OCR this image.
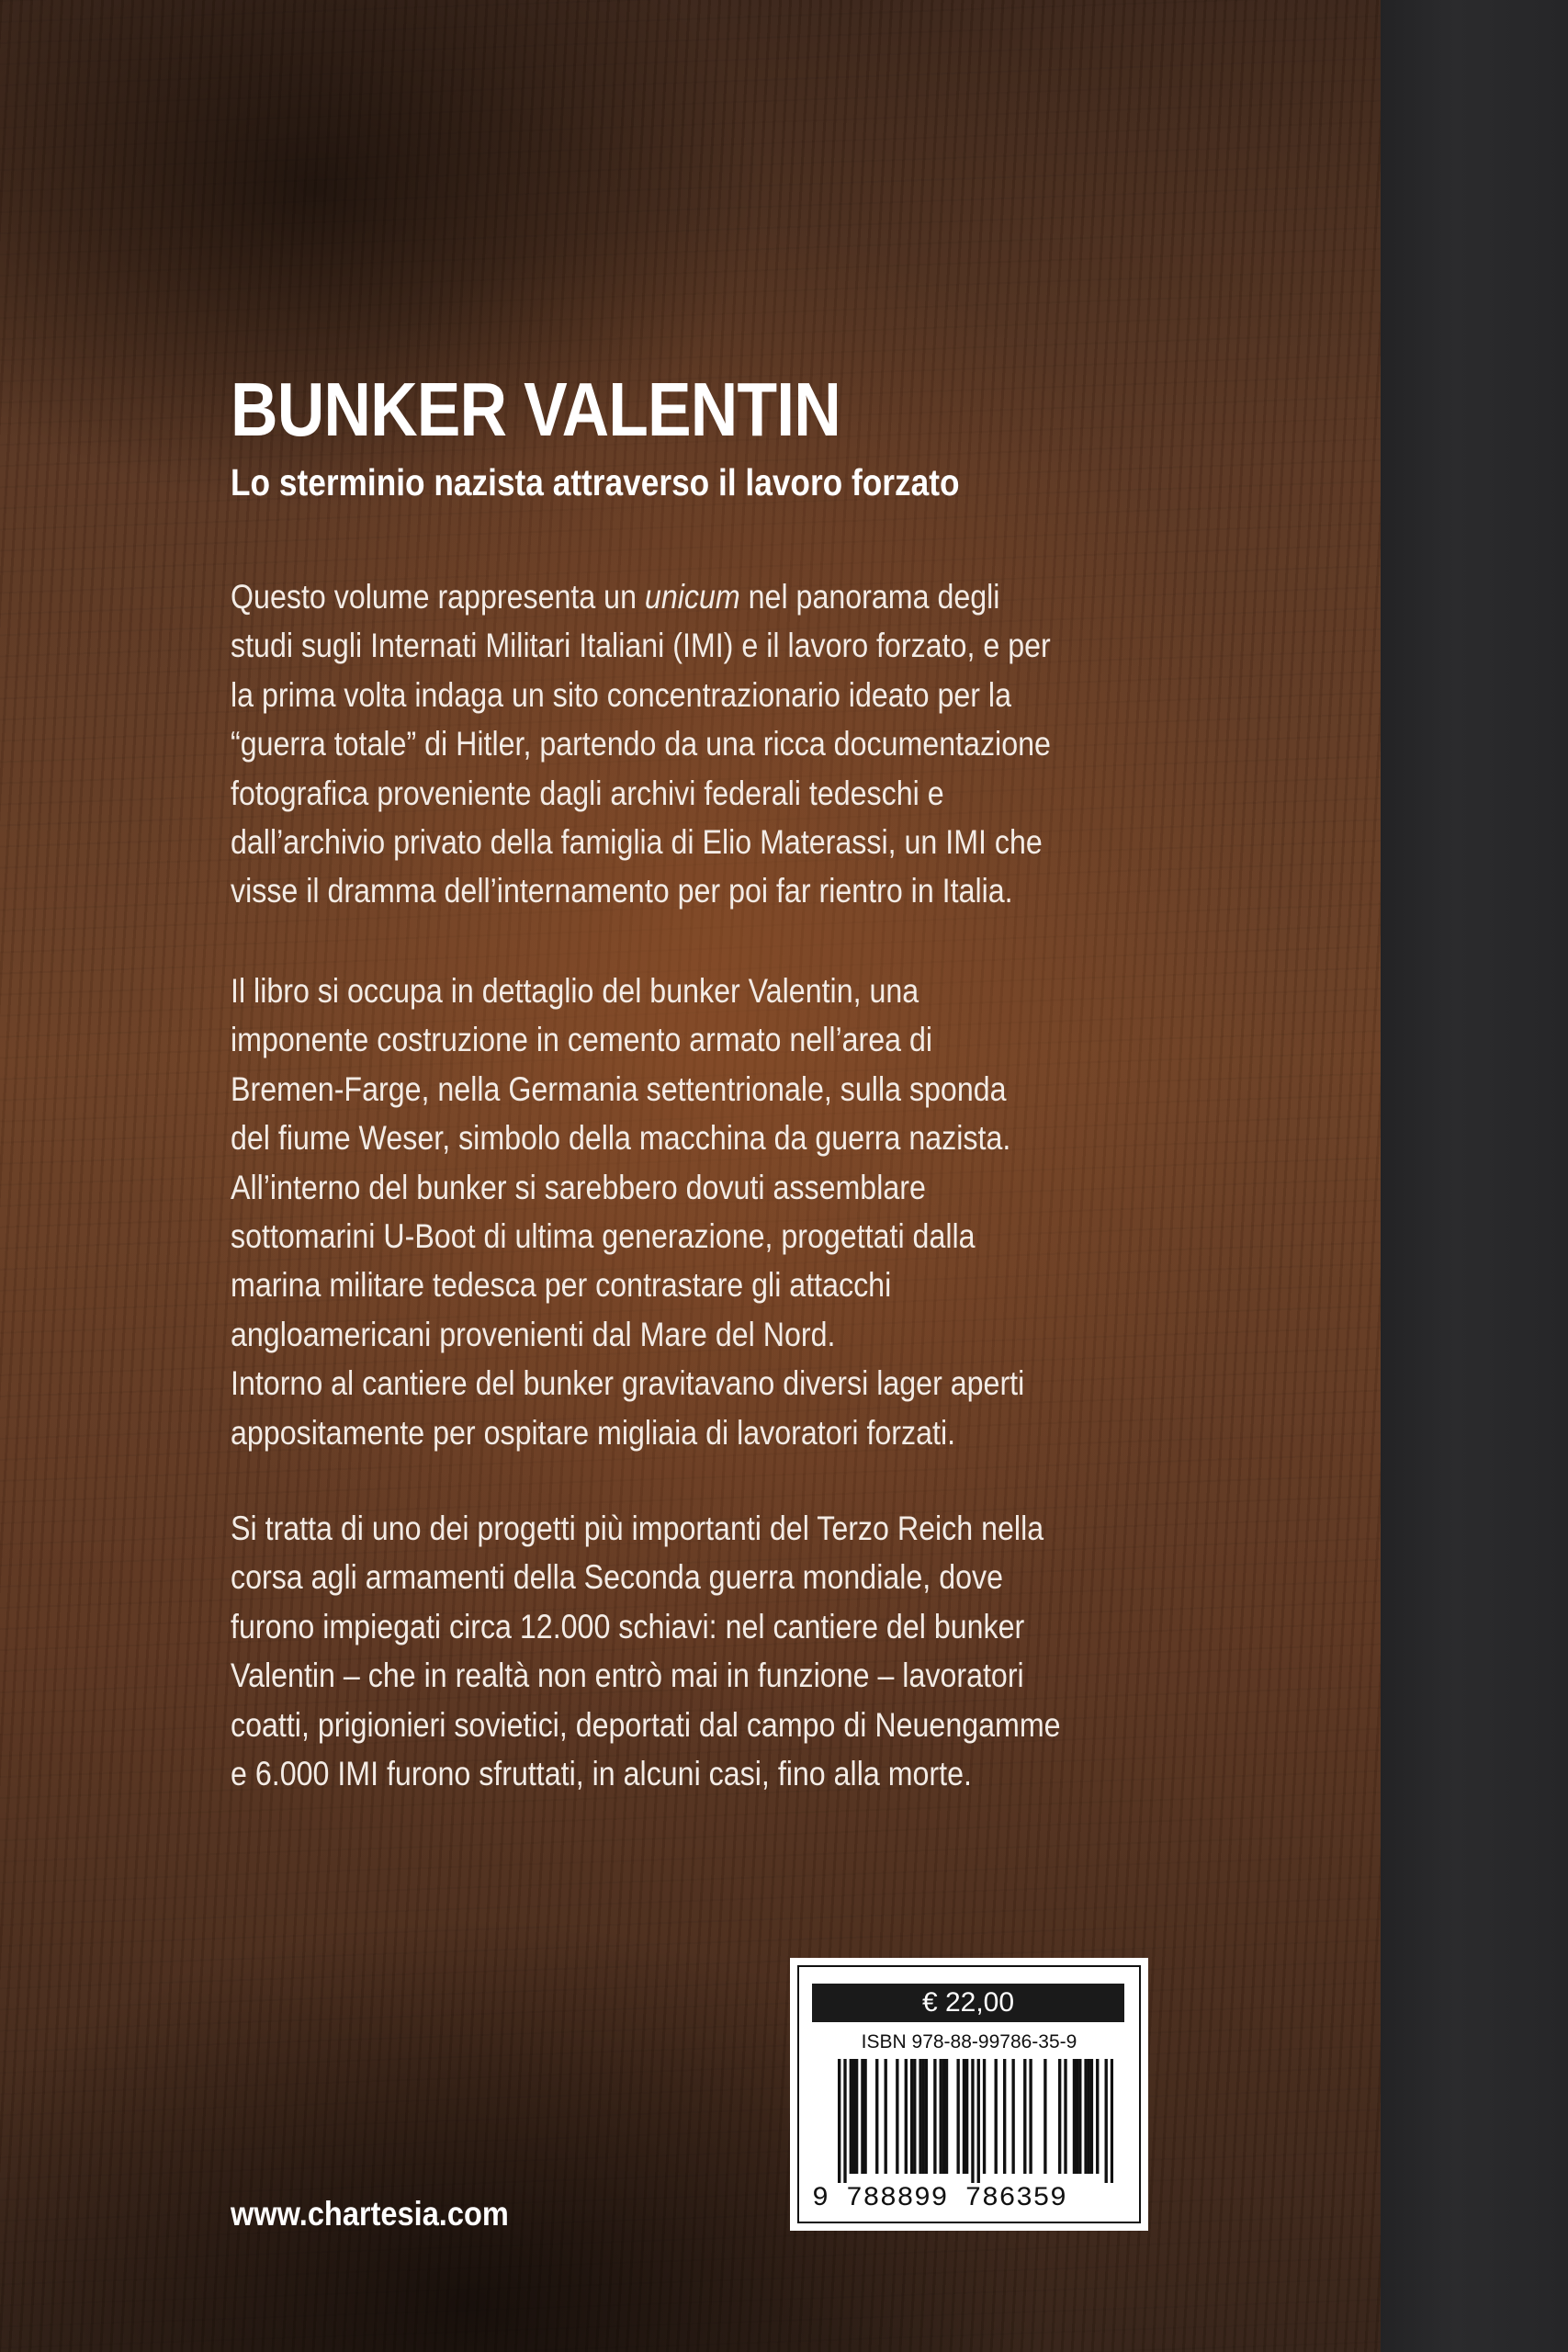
BUNKER VALENTIN
Lo sterminio nazista attraverso il lavoro forzato

Questo volume rappresenta un unicum nel panorama degli
studi sugli Internati Militari Italiani (IMI) e il lavoro forzato, e per
la prima volta indaga un sito concentrazionario ideato per la
“guerra totale” di Hitler, partendo da una ricca documentazione
fotografica proveniente dagli archivi federali tedeschi e
dall’archivio privato della famiglia di Elio Materassi, un IMI che
visse il dramma dell’internamento per poi far rientro in Italia.

Il libro si occupa in dettaglio del bunker Valentin, una
imponente costruzione in cemento armato nell’area di
Bremen-Farge, nella Germania settentrionale, sulla sponda
del fiume Weser, simbolo della macchina da guerra nazista.
All’interno del bunker si sarebbero dovuti assemblare
sottomarini U-Boot di ultima generazione, progettati dalla
marina militare tedesca per contrastare gli attacchi
angloamericani provenienti dal Mare del Nord.
Intorno al cantiere del bunker gravitavano diversi lager aperti
appositamente per ospitare migliaia di lavoratori forzati.

Si tratta di uno dei progetti più importanti del Terzo Reich nella
corsa agli armamenti della Seconda guerra mondiale, dove
furono impiegati circa 12.000 schiavi: nel cantiere del bunker
Valentin – che in realtà non entrò mai in funzione – lavoratori
coatti, prigionieri sovietici, deportati dal campo di Neuengamme
e 6.000 IMI furono sfruttati, in alcuni casi, fino alla morte.

www.chartesia.com
€ 22,00
ISBN 978-88-99786-35-9
9 788899 786359
